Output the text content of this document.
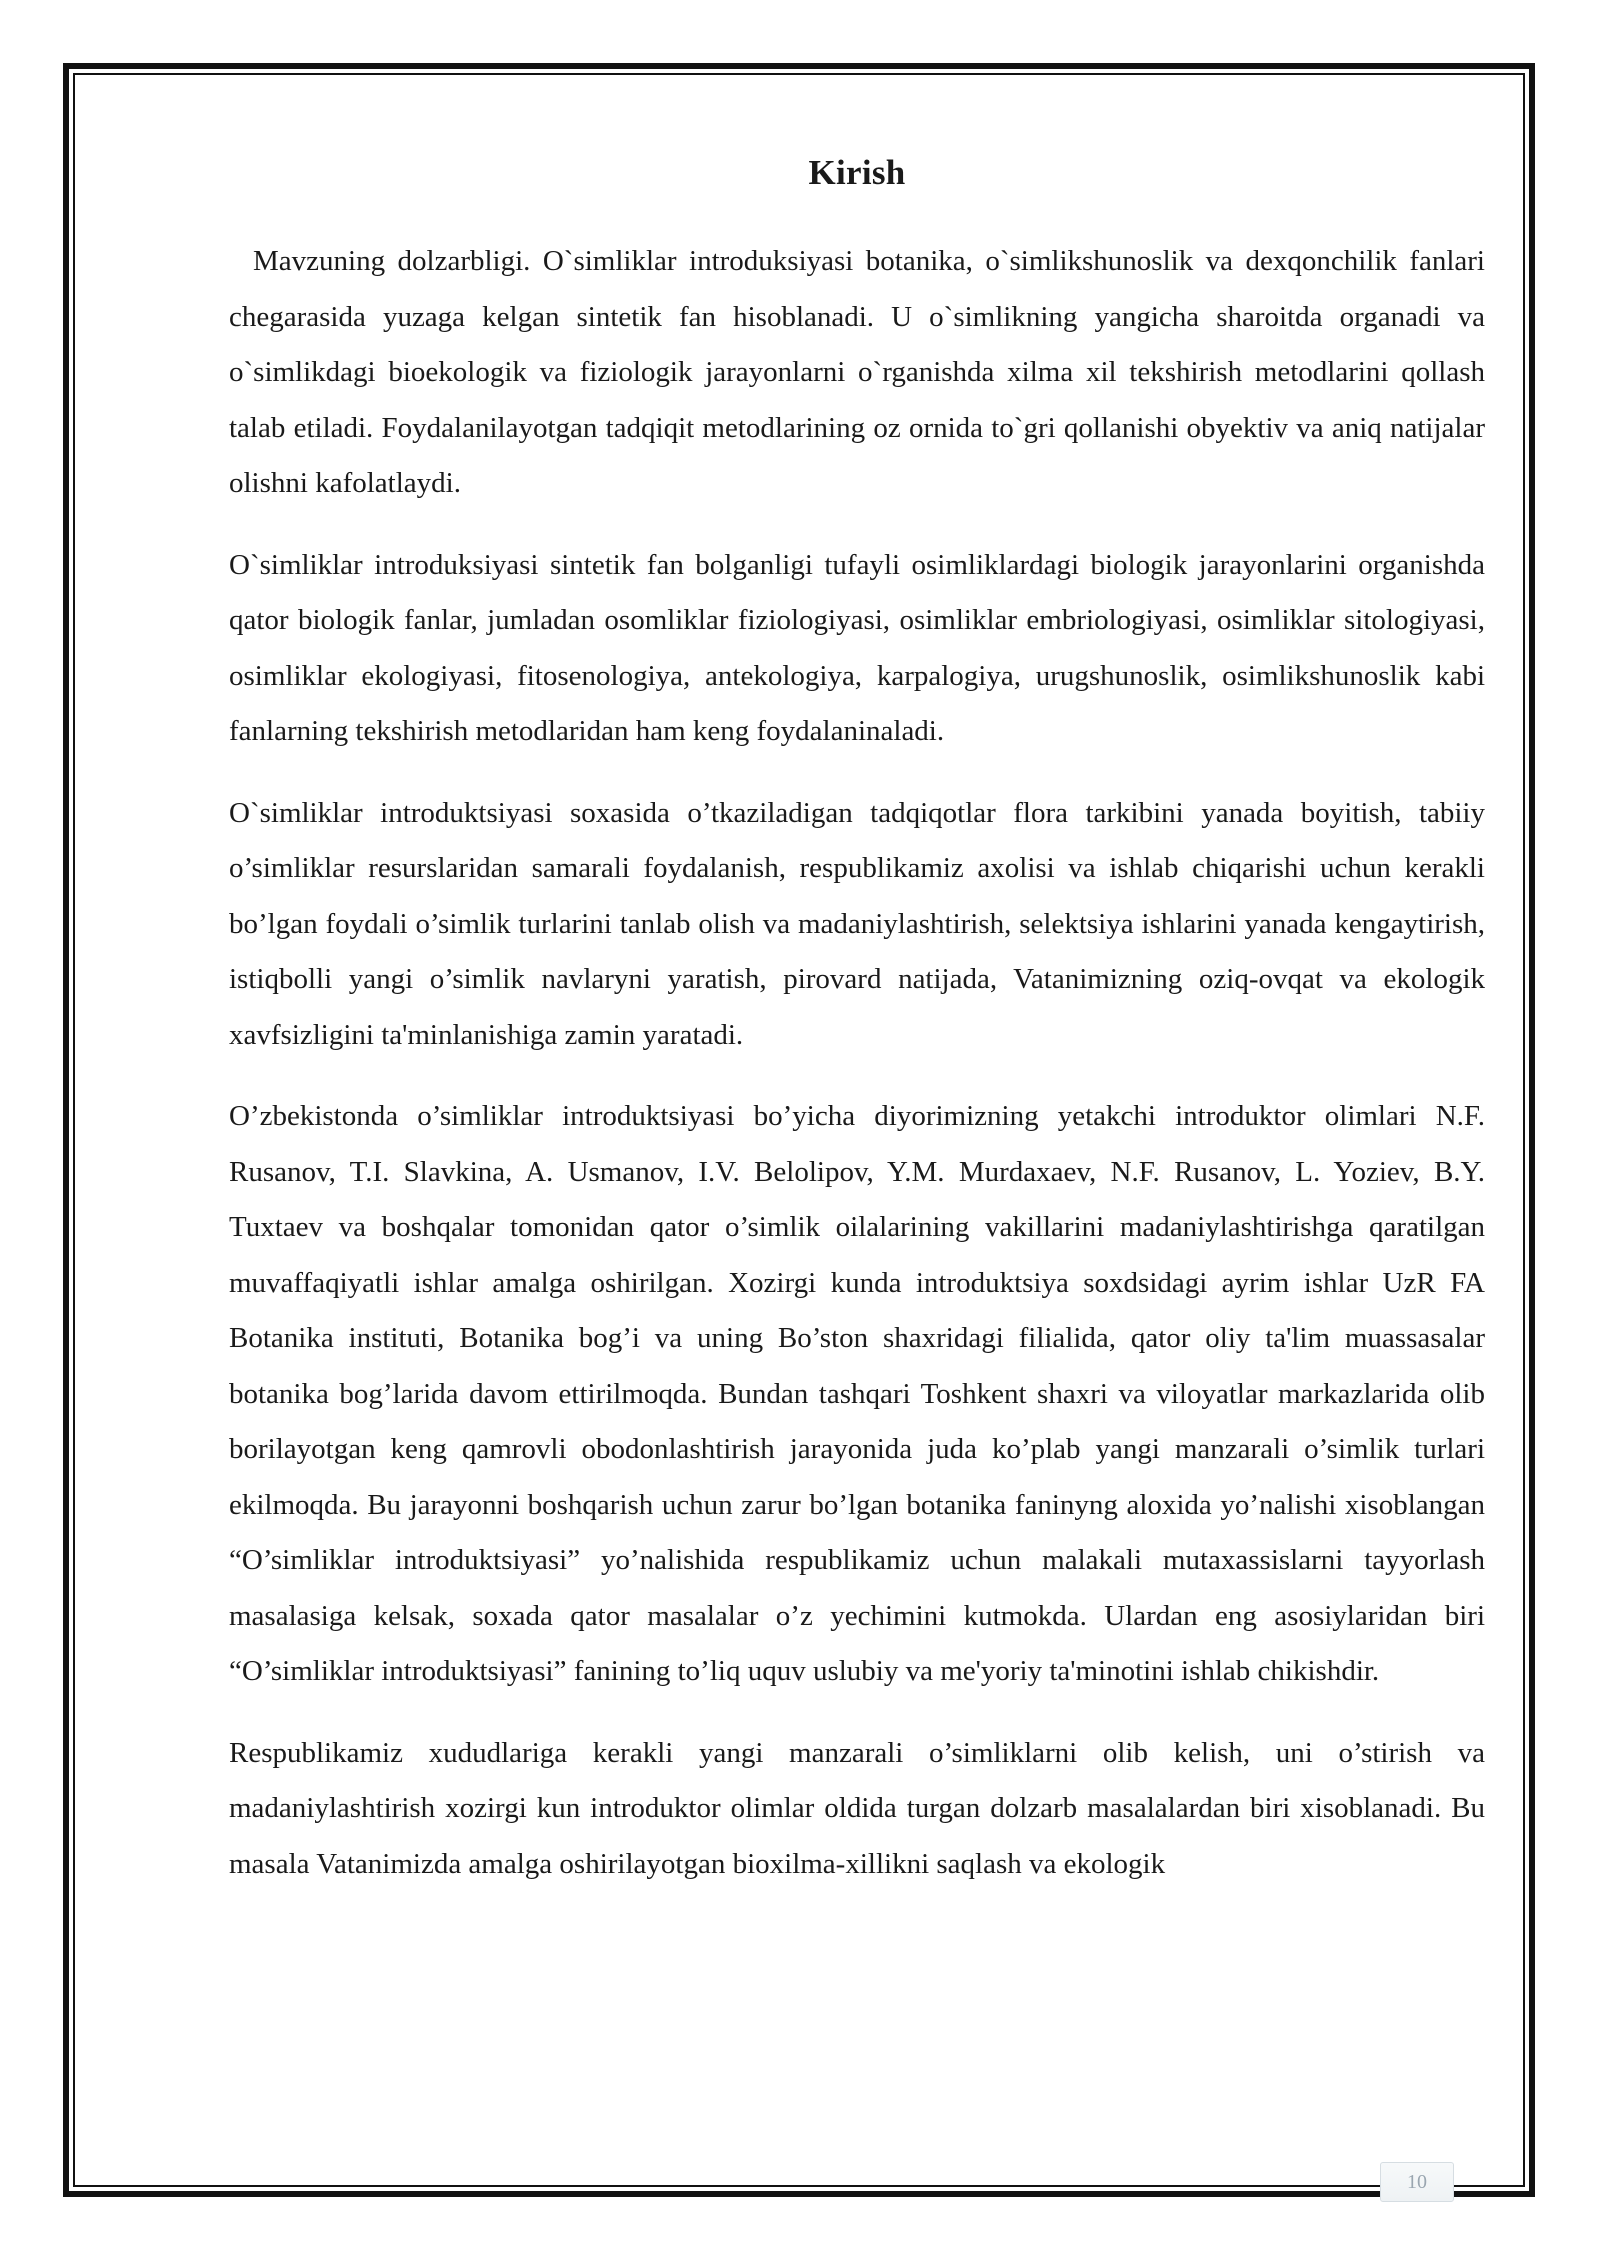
Kirish

Mavzuning dolzarbligi. O`simliklar introduksiyasi botanika, o`simlikshunoslik va dexqonchilik fanlari chegarasida yuzaga kelgan sintetik fan hisoblanadi. U o`simlikning yangicha sharoitda organadi va o`simlikdagi bioekologik va fiziologik jarayonlarni o`rganishda xilma xil tekshirish metodlarini qollash talab etiladi. Foydalanilayotgan tadqiqit metodlarining oz ornida to`gri qollanishi obyektiv va aniq natijalar olishni kafolatlaydi.

O`simliklar introduksiyasi sintetik fan bolganligi tufayli osimliklardagi biologik jarayonlarini organishda qator biologik fanlar, jumladan osomliklar fiziologiyasi, osimliklar embriologiyasi, osimliklar sitologiyasi, osimliklar ekologiyasi, fitosenologiya, antekologiya, karpalogiya, urugshunoslik, osimlikshunoslik kabi fanlarning tekshirish metodlaridan ham keng foydalaninaladi.

O`simliklar introduktsiyasi soxasida o’tkaziladigan tadqiqotlar flora tarkibini yanada boyitish, tabiiy o’simliklar resurslaridan samarali foydalanish, respublikamiz axolisi va ishlab chiqarishi uchun kerakli bo’lgan foydali o’simlik turlarini tanlab olish va madaniylashtirish, selektsiya ishlarini yanada kengaytirish, istiqbolli yangi o’simlik navlaryni yaratish, pirovard natijada, Vatanimizning oziq-ovqat va ekologik xavfsizligini ta'minlanishiga zamin yaratadi.

O’zbekistonda o’simliklar introduktsiyasi bo’yicha diyorimizning yetakchi introduktor olimlari N.F. Rusanov, T.I. Slavkina, A. Usmanov, I.V. Belolipov, Y.M. Murdaxaev, N.F. Rusanov, L. Yoziev, B.Y. Tuxtaev va boshqalar tomonidan qator o’simlik oilalarining vakillarini madaniylashtirishga qaratilgan muvaffaqiyatli ishlar amalga oshirilgan. Xozirgi kunda introduktsiya soxdsidagi ayrim ishlar UzR FA Botanika instituti, Botanika bog’i va uning Bo’ston shaxridagi filialida, qator oliy ta'lim muassasalar botanika bog’larida davom ettirilmoqda. Bundan tashqari Toshkent shaxri va viloyatlar markazlarida olib borilayotgan keng qamrovli obodonlashtirish jarayonida juda ko’plab yangi manzarali o’simlik turlari ekilmoqda. Bu jarayonni boshqarish uchun zarur bo’lgan botanika faninyng aloxida yo’nalishi xisoblangan “O’simliklar introduktsiyasi” yo’nalishida respublikamiz uchun malakali mutaxassislarni tayyorlash masalasiga kelsak, soxada qator masalalar o’z yechimini kutmokda. Ulardan eng asosiylaridan biri “O’simliklar introduktsiyasi” fanining to’liq uquv uslubiy va me'yoriy ta'minotini ishlab chikishdir.

Respublikamiz xududlariga kerakli yangi manzarali o’simliklarni olib kelish, uni o’stirish va madaniylashtirish xozirgi kun introduktor olimlar oldida turgan dolzarb masalalardan biri xisoblanadi. Bu masala Vatanimizda amalga oshirilayotgan bioxilma-xillikni saqlash va ekologik

10
